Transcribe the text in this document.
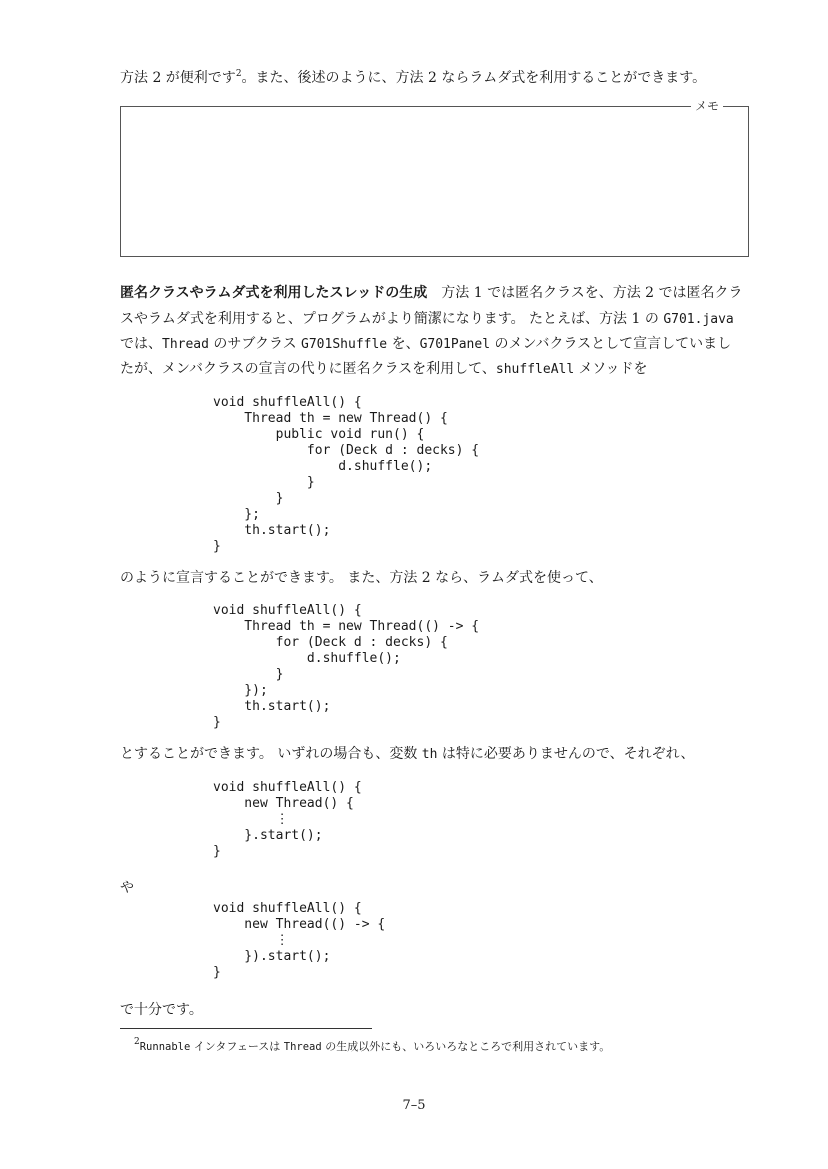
方法 2 が便利です$^2$。また、後述のように、方法 2 ならラムダ式を利用することができます。
メモ
匿名クラスやラムダ式を利用したスレッドの生成　方法 1 では匿名クラスを、方法 2 では匿名クラ
スやラムダ式を利用すると、プログラムがより簡潔になります。 たとえば、方法 1 の G701.java
では、Thread のサブクラス G701Shuffle を、G701Panel のメンバクラスとして宣言していまし
たが、メンバクラスの宣言の代りに匿名クラスを利用して、shuffleAll メソッドを
void shuffleAll() {
Thread th = new Thread() {
public void run() {
for (Deck d : decks) {
d.shuffle();
}
}
};
th.start();
}
のように宣言することができます。 また、方法 2 なら、ラムダ式を使って、
void shuffleAll() {
Thread th = new Thread(() -> {
for (Deck d : decks) {
d.shuffle();
}
});
th.start();
}
とすることができます。 いずれの場合も、変数 th は特に必要ありませんので、それぞれ、
void shuffleAll() {
new Thread() {
⋮
}.start();
}
や
void shuffleAll() {
new Thread(() -> {
⋮
}).start();
}
で十分です。
$^2$Runnable インタフェースは Thread の生成以外にも、いろいろなところで利用されています。
7–5
